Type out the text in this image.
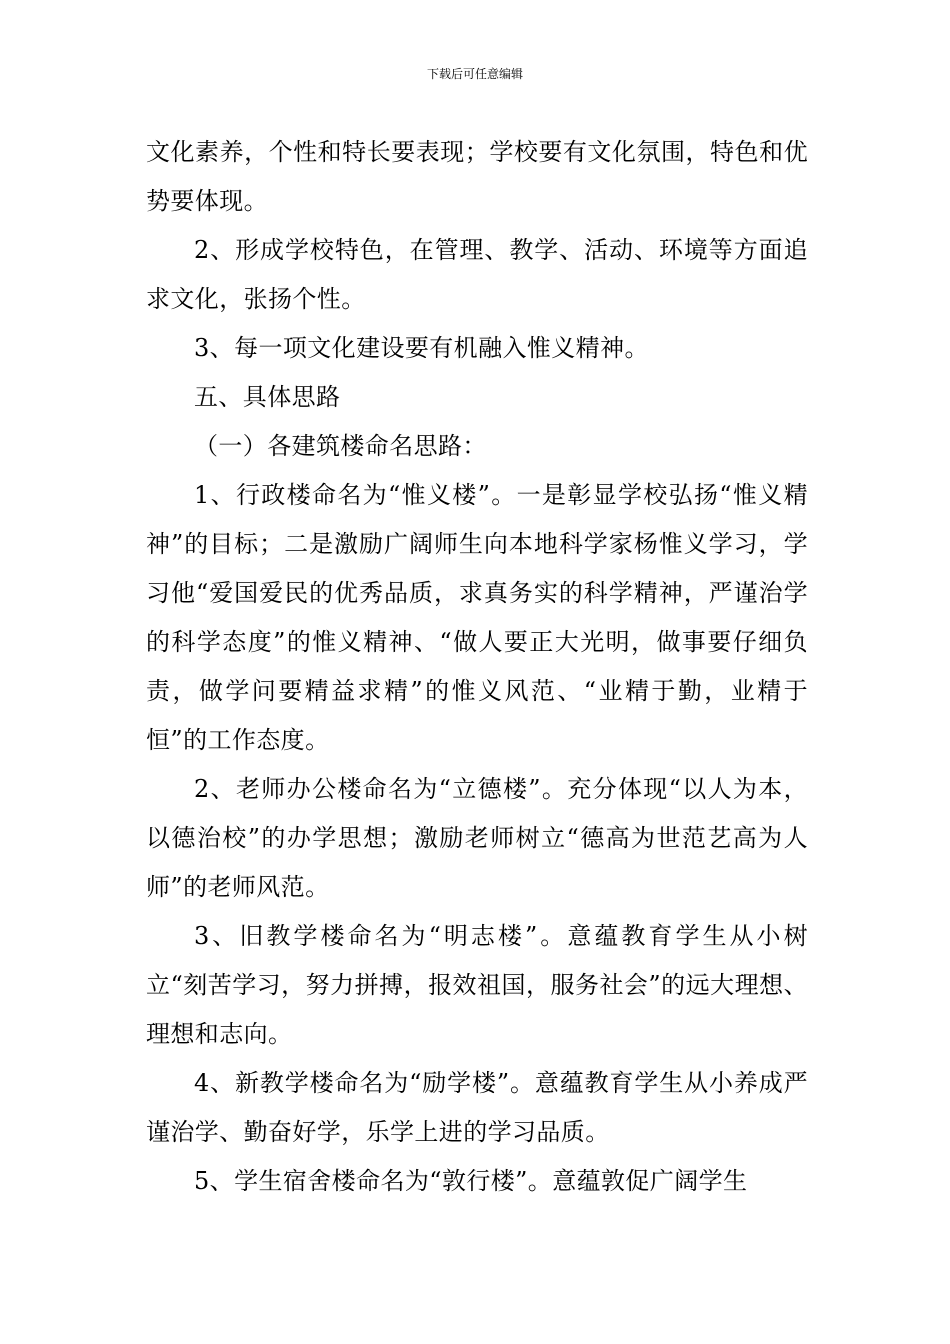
下载后可任意编辑

文化素养，个性和特长要表现；学校要有文化氛围，特色和优势要体现。

2、形成学校特色，在管理、教学、活动、环境等方面追求文化，张扬个性。

3、每一项文化建设要有机融入惟义精神。

五、具体思路

（一）各建筑楼命名思路：

1、行政楼命名为“惟义楼”。一是彰显学校弘扬“惟义精神”的目标；二是激励广阔师生向本地科学家杨惟义学习，学习他“爱国爱民的优秀品质，求真务实的科学精神，严谨治学的科学态度”的惟义精神、“做人要正大光明，做事要仔细负责，做学问要精益求精”的惟义风范、“业精于勤，业精于恒”的工作态度。

2、老师办公楼命名为“立德楼”。充分体现“以人为本，以德治校”的办学思想；激励老师树立“德高为世范艺高为人师”的老师风范。

3、旧教学楼命名为“明志楼”。意蕴教育学生从小树立“刻苦学习，努力拼搏，报效祖国，服务社会”的远大理想、理想和志向。

4、新教学楼命名为“励学楼”。意蕴教育学生从小养成严谨治学、勤奋好学，乐学上进的学习品质。

5、学生宿舍楼命名为“敦行楼”。意蕴敦促广阔学生
